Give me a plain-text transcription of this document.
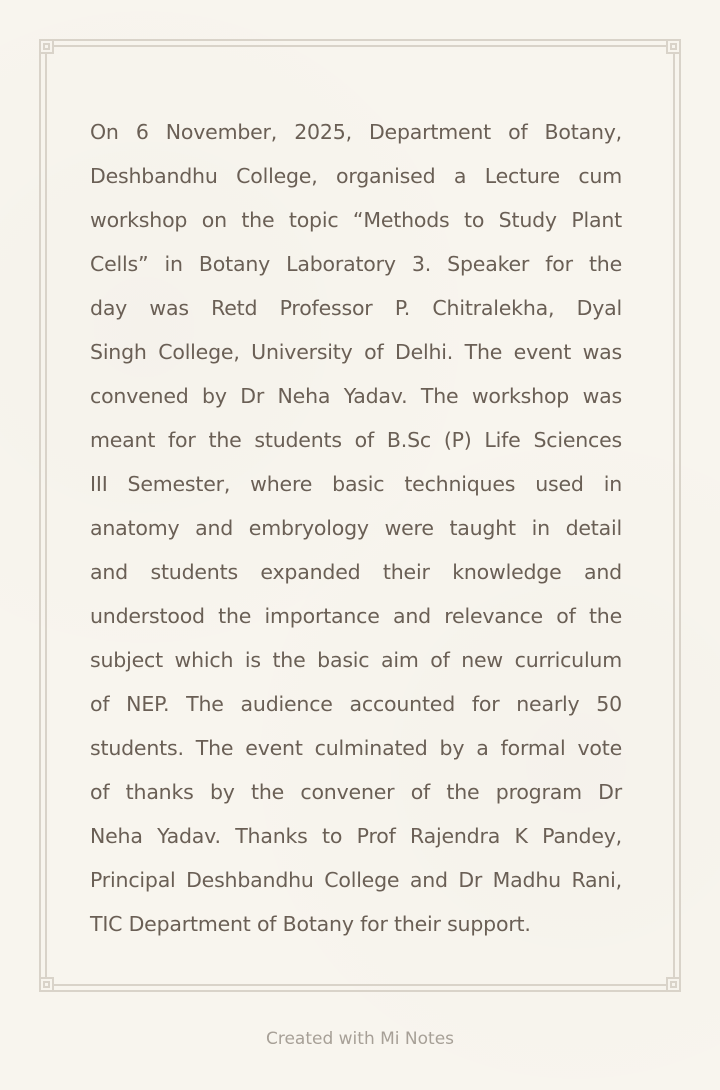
On 6 November, 2025, Department of Botany,
Deshbandhu College, organised a Lecture cum
workshop on the topic “Methods to Study Plant
Cells” in Botany Laboratory 3. Speaker for the
day was Retd Professor P. Chitralekha, Dyal
Singh College, University of Delhi. The event was
convened by Dr Neha Yadav. The workshop was
meant for the students of B.Sc (P) Life Sciences
III Semester, where basic techniques used in
anatomy and embryology were taught in detail
and students expanded their knowledge and
understood the importance and relevance of the
subject which is the basic aim of new curriculum
of NEP. The audience accounted for nearly 50
students. The event culminated by a formal vote
of thanks by the convener of the program Dr
Neha Yadav. Thanks to Prof Rajendra K Pandey,
Principal Deshbandhu College and Dr Madhu Rani,
TIC Department of Botany for their support.
Created with Mi Notes
